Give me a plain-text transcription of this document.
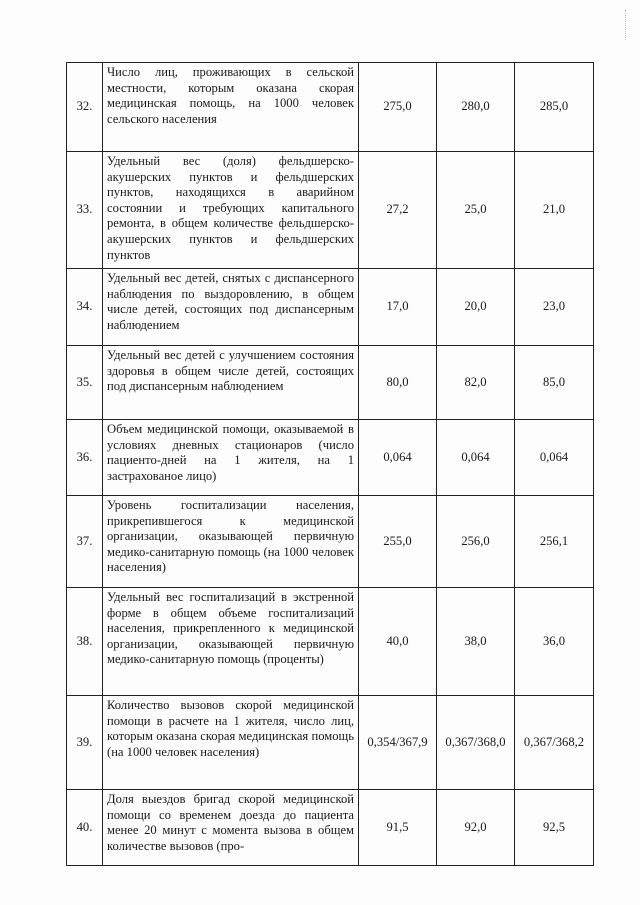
32.	Число лиц, проживающих в сельской местности, которым оказана скорая медицинская помощь, на 1000 человек сельского населения	275,0	280,0	285,0
33.	Удельный вес (доля) фельдшерско-акушерских пунктов и фельдшерских пунктов, находящихся в аварийном состоянии и требующих капитального ремонта, в общем количестве фельдшерско-акушерских пунктов и фельдшерских пунктов	27,2	25,0	21,0
34.	Удельный вес детей, снятых с диспансерного наблюдения по выздоровлению, в общем числе детей, состоящих под диспансерным наблюдением	17,0	20,0	23,0
35.	Удельный вес детей с улучшением состояния здоровья в общем числе детей, состоящих под диспансерным наблюдением	80,0	82,0	85,0
36.	Объем медицинской помощи, оказываемой в условиях дневных стационаров (число пациенто-дней на 1 жителя, на 1 застрахованое лицо)	0,064	0,064	0,064
37.	Уровень госпитализации населения, прикрепившегося к медицинской организации, оказывающей первичную медико-санитарную помощь (на 1000 человек населения)	255,0	256,0	256,1
38.	Удельный вес госпитализаций в экстренной форме в общем объеме госпитализаций населения, прикрепленного к медицинской организации, оказывающей первичную медико-санитарную помощь (проценты)	40,0	38,0	36,0
39.	Количество вызовов скорой медицинской помощи в расчете на 1 жителя, число лиц, которым оказана скорая медицинская помощь (на 1000 человек населения)	0,354/367,9	0,367/368,0	0,367/368,2
40.	Доля выездов бригад скорой медицинской помощи со временем доезда до пациента менее 20 минут с момента вызова в общем количестве вызовов (про-	91,5	92,0	92,5
